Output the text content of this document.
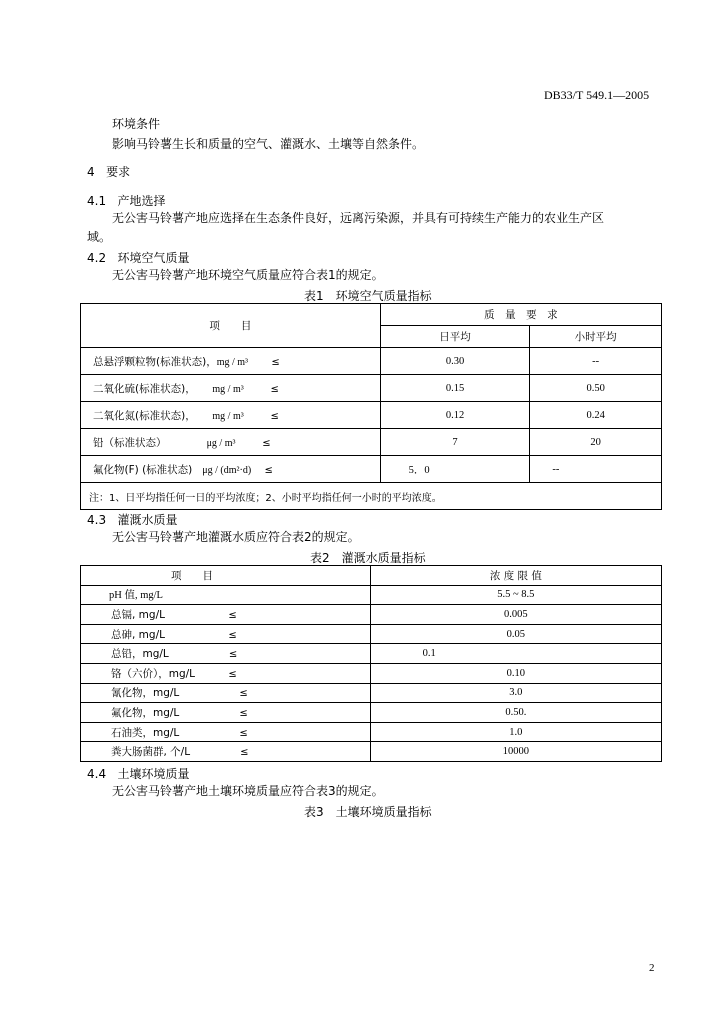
DB33/T 549.1—2005
环境条件
影响马铃薯生长和质量的空气、灌溉水、土壤等自然条件。
4 要求
4.1 产地选择
无公害马铃薯产地应选择在生态条件良好，远离污染源，并具有可持续生产能力的农业生产区
域。
4.2 环境空气质量
无公害马铃薯产地环境空气质量应符合表1的规定。
表1　环境空气质量指标
项　　目	质　量　要　求	
	日平均	小时平均
总悬浮颗粒物(标准状态)，mg / m³ ≤	0.30	--
二氧化硫(标准状态)， mg / m³ ≤	0.15	0.50
二氧化氮(标准状态)， mg / m³ ≤	0.12	0.24
铅（标准状态） μg / m³ ≤	7	20
氟化物(F) (标准状态) μg / (dm²·d) ≤	5．0	--
注：1、日平均指任何一日的平均浓度；2、小时平均指任何一小时的平均浓度。		
4.3 灌溉水质量
无公害马铃薯产地灌溉水质应符合表2的规定。
表2　灌溉水质量指标
项　　目	浓 度 限 值
pH 值, mg/L	5.5 ~ 8.5
总镉, mg/L ≤	0.005
总砷, mg/L ≤	0.05
总铅，mg/L ≤	0.1
铬（六价），mg/L ≤	0.10
氰化物，mg/L ≤	3.0
氟化物，mg/L ≤	0.50.
石油类，mg/L ≤	1.0
粪大肠菌群, 个/L ≤	10000
4.4 土壤环境质量
无公害马铃薯产地土壤环境质量应符合表3的规定。
表3　土壤环境质量指标
2
